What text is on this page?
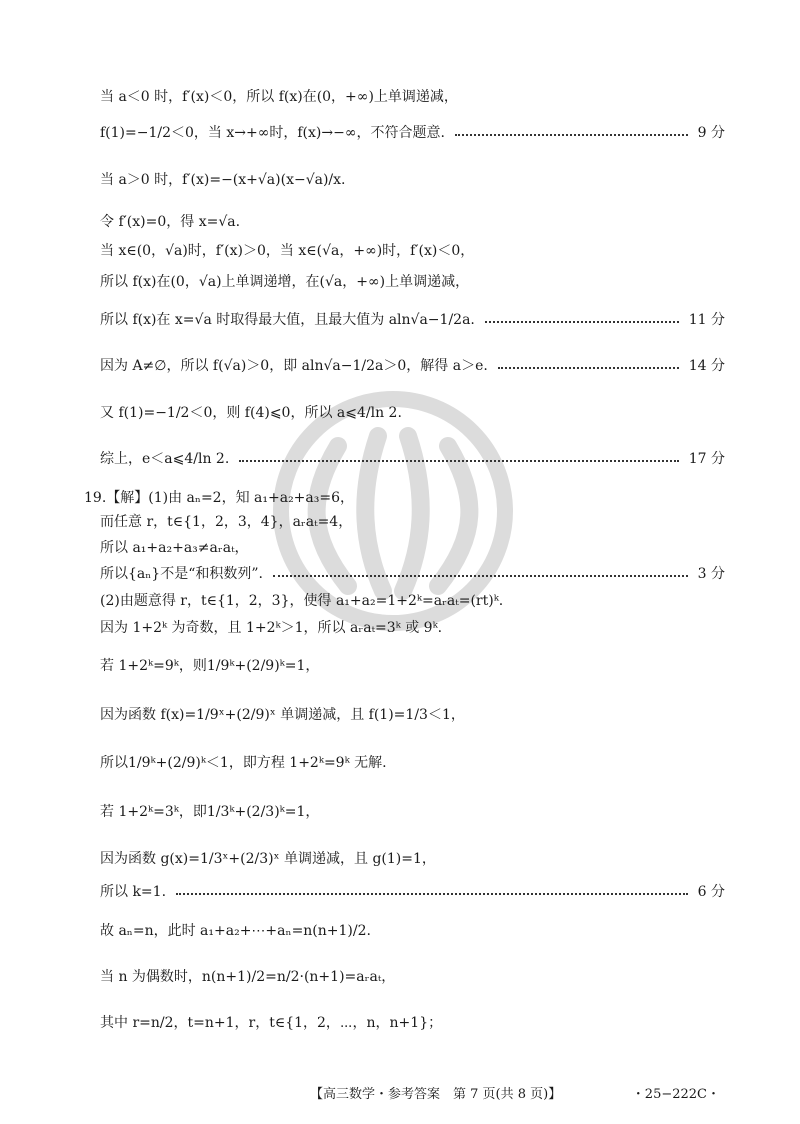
当 a＜0 时，f′(x)＜0，所以 f(x)在(0，+∞)上单调递减，
f(1)=−1/2＜0，当 x→+∞时，f(x)→−∞，不符合题意.	9 分
当 a＞0 时，f′(x)=−(x+√a)(x−√a)/x.
令 f′(x)=0，得 x=√a.
当 x∈(0，√a)时，f′(x)＞0，当 x∈(√a，+∞)时，f′(x)＜0，
所以 f(x)在(0，√a)上单调递增，在(√a，+∞)上单调递减，
所以 f(x)在 x=√a 时取得最大值，且最大值为 aln√a−1/2a.	11 分
因为 A≠∅，所以 f(√a)＞0，即 aln√a−1/2a＞0，解得 a＞e.	14 分
又 f(1)=−1/2＜0，则 f(4)⩽0，所以 a⩽4/ln 2.
综上，e＜a⩽4/ln 2.	17 分
19.【解】(1)由 aₙ=2，知 a₁+a₂+a₃=6，
而任意 r，t∈{1，2，3，4}，aᵣaₜ=4，
所以 a₁+a₂+a₃≠aᵣaₜ，
所以{aₙ}不是“和积数列”.	3 分
(2)由题意得 r，t∈{1，2，3}，使得 a₁+a₂=1+2ᵏ=aᵣaₜ=(rt)ᵏ.
因为 1+2ᵏ 为奇数，且 1+2ᵏ＞1，所以 aᵣaₜ=3ᵏ 或 9ᵏ.
若 1+2ᵏ=9ᵏ，则1/9ᵏ+(2/9)ᵏ=1，
因为函数 f(x)=1/9ˣ+(2/9)ˣ 单调递减，且 f(1)=1/3＜1，
所以1/9ᵏ+(2/9)ᵏ＜1，即方程 1+2ᵏ=9ᵏ 无解.
若 1+2ᵏ=3ᵏ，即1/3ᵏ+(2/3)ᵏ=1，
因为函数 g(x)=1/3ˣ+(2/3)ˣ 单调递减，且 g(1)=1，
所以 k=1.	6 分
故 aₙ=n，此时 a₁+a₂+⋯+aₙ=n(n+1)/2.
当 n 为偶数时，n(n+1)/2=n/2·(n+1)=aᵣaₜ，
其中 r=n/2，t=n+1，r，t∈{1，2，⋯，n，n+1}；
【高三数学・参考答案　第 7 页(共 8 页)】	・25−222C・
